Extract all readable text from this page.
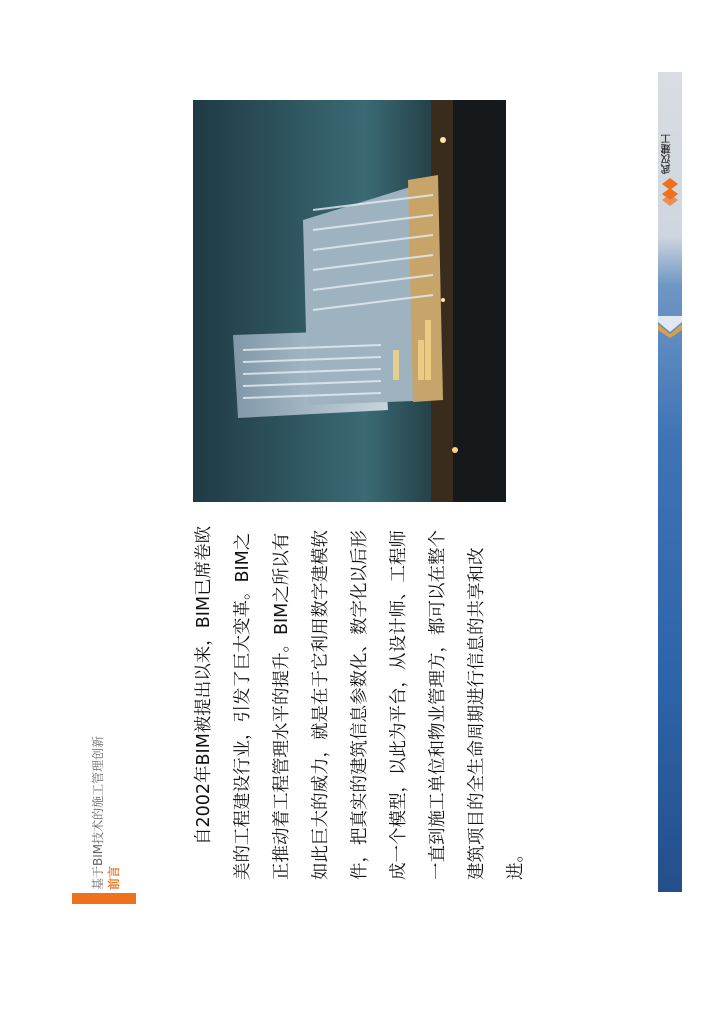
基于BIM技术的施工管理创新 前言

自2002年BIM被提出以来，BIM已席卷欧美的工程建设行业，引发了巨大变革。BIM之正推动着工程管理水平的提升。BIM之所以有如此巨大的威力，就是在于它利用数字建模软件，把真实的建筑信息参数化、数字化以后形成一个模型，以此为平台，从设计师、工程师一直到施工单位和物业管理方，都可以在整个建筑项目的全生命周期进行信息的共享和改进。

武汉建工
